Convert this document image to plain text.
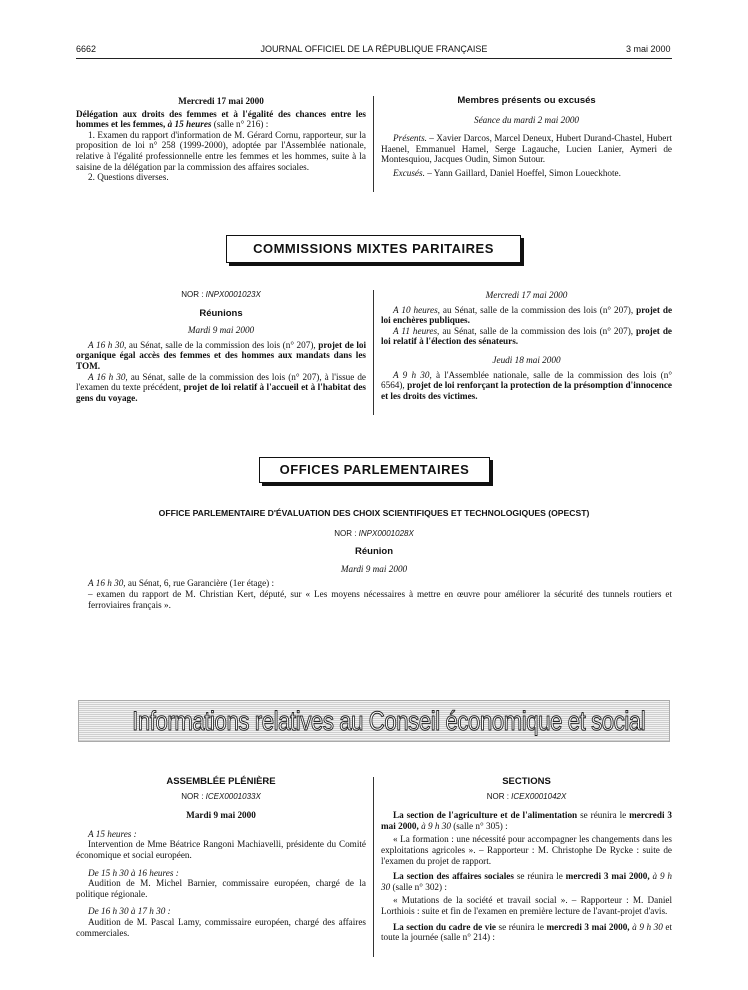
6662	JOURNAL OFFICIEL DE LA RÉPUBLIQUE FRANÇAISE	3 mai 2000

Mercredi 17 mai 2000

Délégation aux droits des femmes et à l'égalité des chances entre les hommes et les femmes, à 15 heures (salle n° 216) :

1. Examen du rapport d'information de M. Gérard Cornu, rapporteur, sur la proposition de loi n° 258 (1999-2000), adoptée par l'Assemblée nationale, relative à l'égalité professionnelle entre les femmes et les hommes, suite à la saisine de la délégation par la commission des affaires sociales.

2. Questions diverses.

Membres présents ou excusés

Séance du mardi 2 mai 2000

Présents. – Xavier Darcos, Marcel Deneux, Hubert Durand-Chastel, Hubert Haenel, Emmanuel Hamel, Serge Lagauche, Lucien Lanier, Aymeri de Montesquiou, Jacques Oudin, Simon Sutour.

Excusés. – Yann Gaillard, Daniel Hoeffel, Simon Loueckhote.

COMMISSIONS MIXTES PARITAIRES

NOR : INPX0001023X

Réunions

Mardi 9 mai 2000

A 16 h 30, au Sénat, salle de la commission des lois (n° 207), projet de loi organique égal accès des femmes et des hommes aux mandats dans les TOM.

A 16 h 30, au Sénat, salle de la commission des lois (n° 207), à l'issue de l'examen du texte précédent, projet de loi relatif à l'accueil et à l'habitat des gens du voyage.

Mercredi 17 mai 2000

A 10 heures, au Sénat, salle de la commission des lois (n° 207), projet de loi enchères publiques.

A 11 heures, au Sénat, salle de la commission des lois (n° 207), projet de loi relatif à l'élection des sénateurs.

Jeudi 18 mai 2000

A 9 h 30, à l'Assemblée nationale, salle de la commission des lois (n° 6564), projet de loi renforçant la protection de la présomption d'innocence et les droits des victimes.

OFFICES PARLEMENTAIRES

OFFICE PARLEMENTAIRE D'ÉVALUATION DES CHOIX SCIENTIFIQUES ET TECHNOLOGIQUES (OPECST)

NOR : INPX0001028X

Réunion

Mardi 9 mai 2000

A 16 h 30, au Sénat, 6, rue Garancière (1er étage) :

– examen du rapport de M. Christian Kert, député, sur « Les moyens nécessaires à mettre en œuvre pour améliorer la sécurité des tunnels routiers et ferroviaires français ».

Informations relatives au Conseil économique et social

ASSEMBLÉE PLÉNIÈRE

NOR : ICEX0001033X

Mardi 9 mai 2000

A 15 heures :

Intervention de Mme Béatrice Rangoni Machiavelli, présidente du Comité économique et social européen.

De 15 h 30 à 16 heures :

Audition de M. Michel Barnier, commissaire européen, chargé de la politique régionale.

De 16 h 30 à 17 h 30 :

Audition de M. Pascal Lamy, commissaire européen, chargé des affaires commerciales.

SECTIONS

NOR : ICEX0001042X

La section de l'agriculture et de l'alimentation se réunira le mercredi 3 mai 2000, à 9 h 30 (salle n° 305) :

« La formation : une nécessité pour accompagner les changements dans les exploitations agricoles ». – Rapporteur : M. Christophe De Rycke : suite de l'examen du projet de rapport.

La section des affaires sociales se réunira le mercredi 3 mai 2000, à 9 h 30 (salle n° 302) :

« Mutations de la société et travail social ». – Rapporteur : M. Daniel Lorthiois : suite et fin de l'examen en première lecture de l'avant-projet d'avis.

La section du cadre de vie se réunira le mercredi 3 mai 2000, à 9 h 30 et toute la journée (salle n° 214) :
